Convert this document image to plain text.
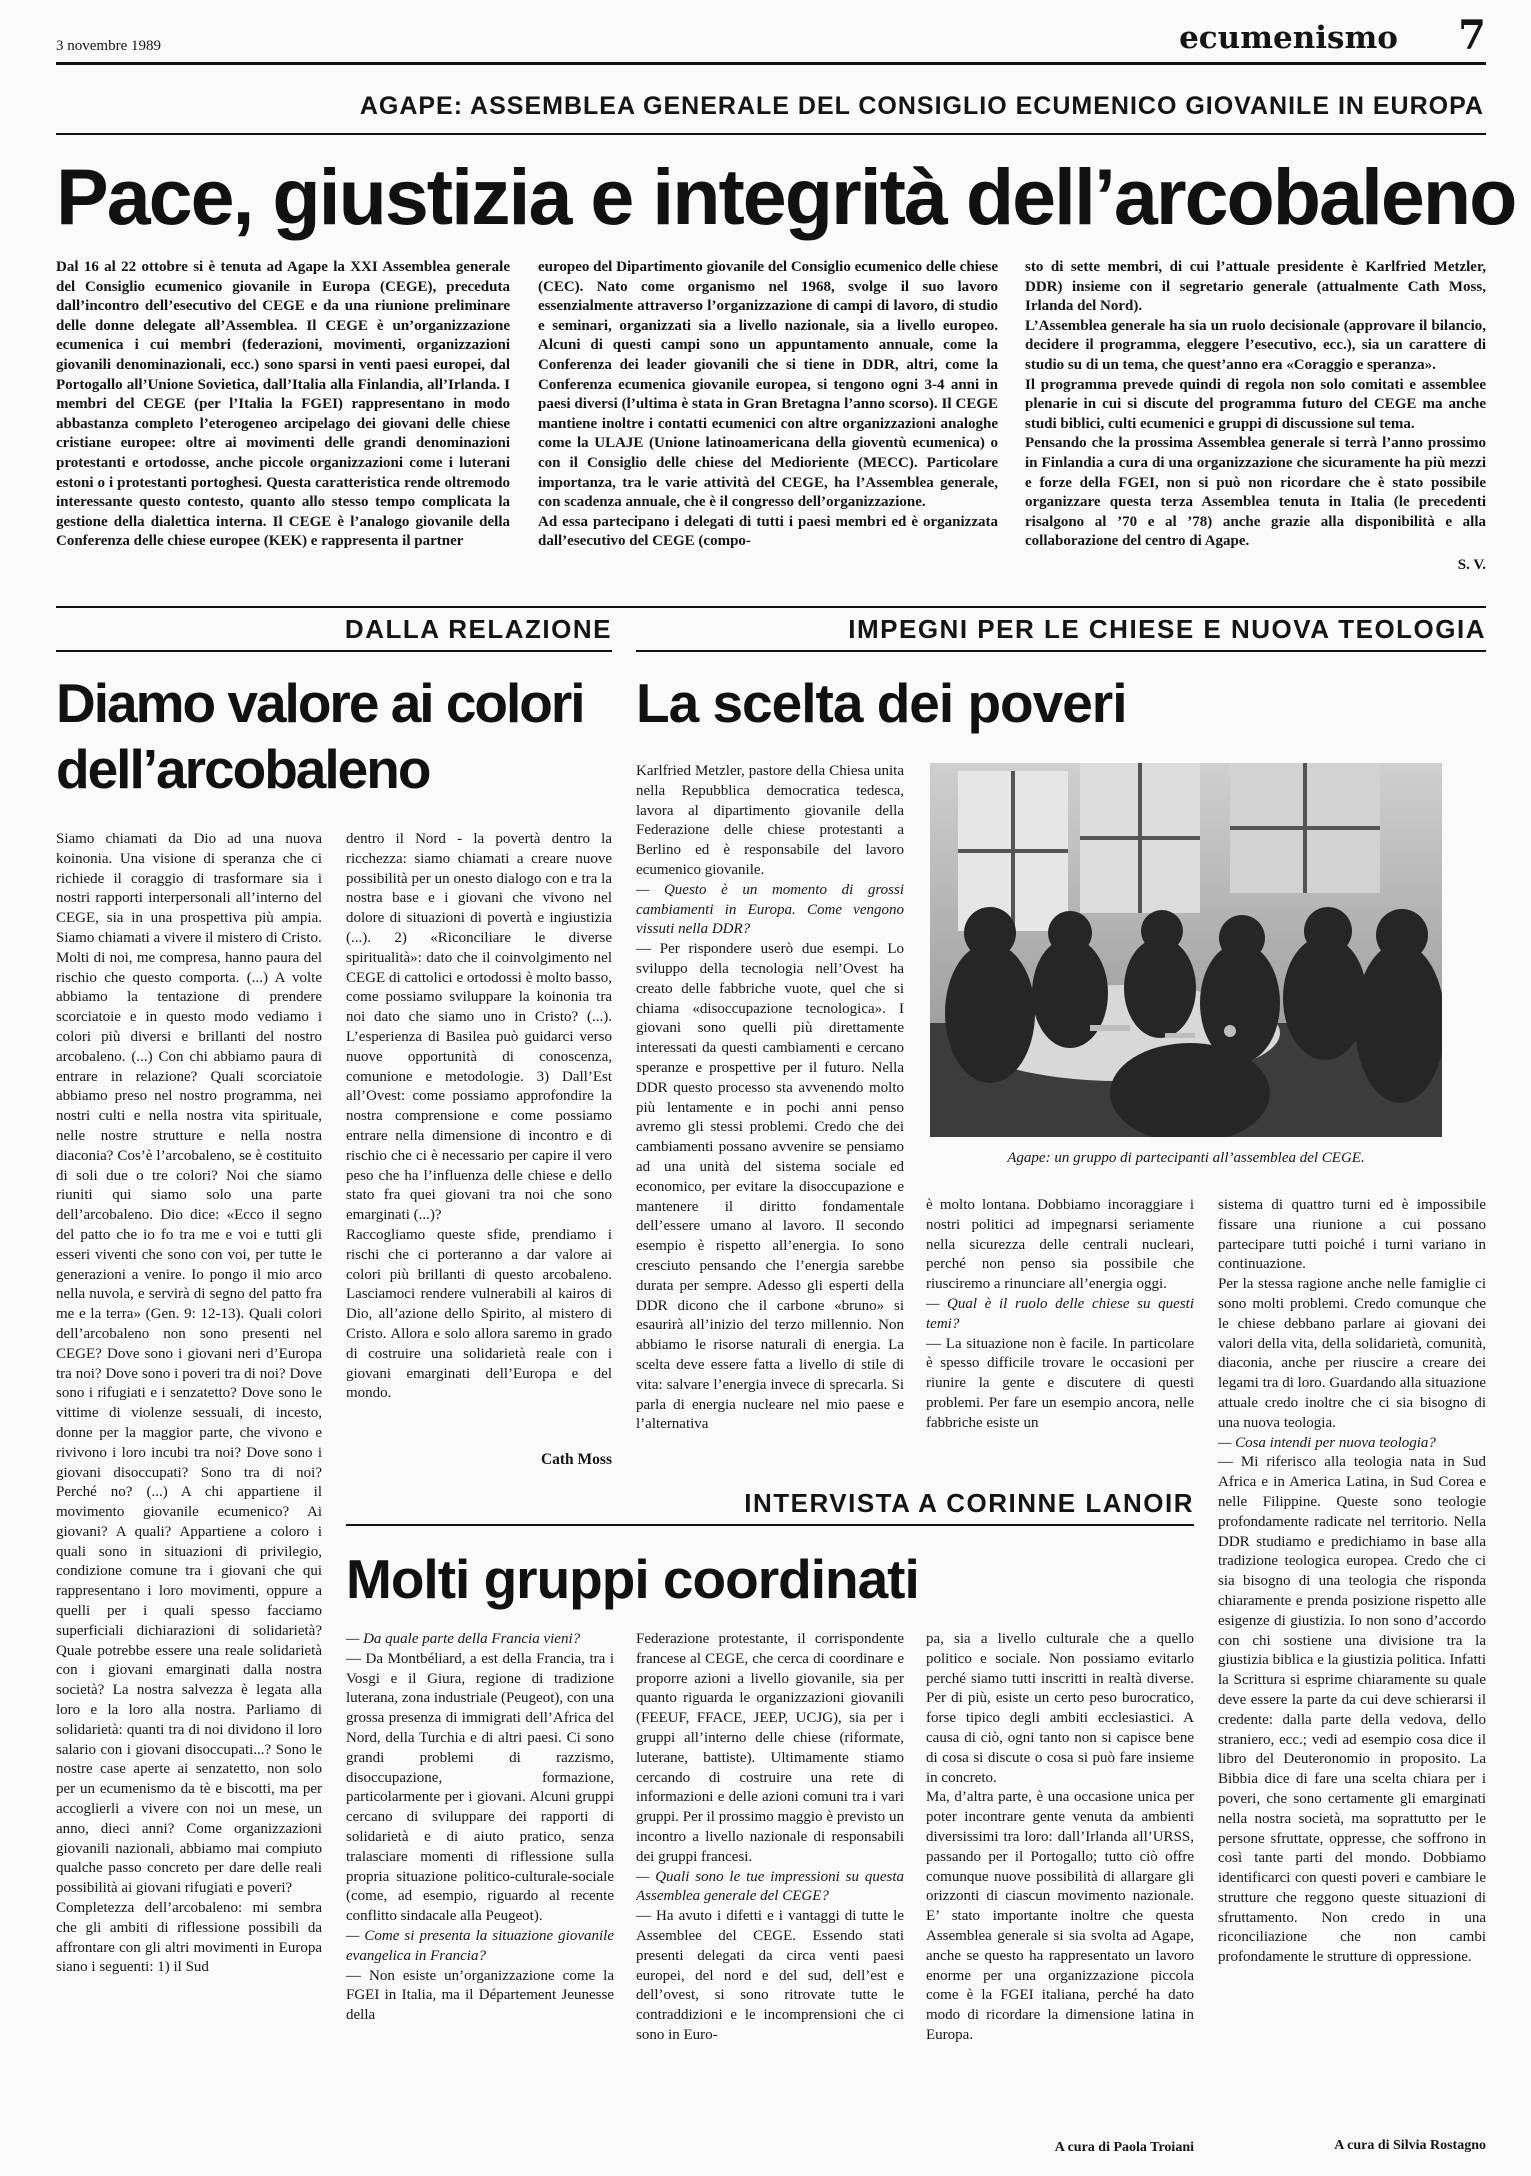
3 novembre 1989	ecumenismo 7
AGAPE: ASSEMBLEA GENERALE DEL CONSIGLIO ECUMENICO GIOVANILE IN EUROPA
Pace, giustizia e integrità dell’arcobaleno

Dal 16 al 22 ottobre si è tenuta ad Agape la XXI Assemblea generale del Consiglio ecumenico giovanile in Europa (CEGE), preceduta dall’incontro dell’esecutivo del CEGE e da una riunione preliminare delle donne delegate all’Assemblea. Il CEGE è un’organizzazione ecumenica i cui membri (federazioni, movimenti, organizzazioni giovanili denominazionali, ecc.) sono sparsi in venti paesi europei, dal Portogallo all’Unione Sovietica, dall’Italia alla Finlandia, all’Irlanda. I membri del CEGE (per l’Italia la FGEI) rappresentano in modo abbastanza completo l’eterogeneo arcipelago dei giovani delle chiese cristiane europee: oltre ai movimenti delle grandi denominazioni protestanti e ortodosse, anche piccole organizzazioni come i luterani estoni o i protestanti portoghesi. Questa caratteristica rende oltremodo interessante questo contesto, quanto allo stesso tempo complicata la gestione della dialettica interna. Il CEGE è l’analogo giovanile della Conferenza delle chiese europee (KEK) e rappresenta il partner

europeo del Dipartimento giovanile del Consiglio ecumenico delle chiese (CEC). Nato come organismo nel 1968, svolge il suo lavoro essenzialmente attraverso l’organizzazione di campi di lavoro, di studio e seminari, organizzati sia a livello nazionale, sia a livello europeo. Alcuni di questi campi sono un appuntamento annuale, come la Conferenza dei leader giovanili che si tiene in DDR, altri, come la Conferenza ecumenica giovanile europea, si tengono ogni 3-4 anni in paesi diversi (l’ultima è stata in Gran Bretagna l’anno scorso). Il CEGE mantiene inoltre i contatti ecumenici con altre organizzazioni analoghe come la ULAJE (Unione latinoamericana della gioventù ecumenica) o con il Consiglio delle chiese del Medioriente (MECC). Particolare importanza, tra le varie attività del CEGE, ha l’Assemblea generale, con scadenza annuale, che è il congresso dell’organizzazione.
Ad essa partecipano i delegati di tutti i paesi membri ed è organizzata dall’esecutivo del CEGE (compo-

sto di sette membri, di cui l’attuale presidente è Karlfried Metzler, DDR) insieme con il segretario generale (attualmente Cath Moss, Irlanda del Nord).
L’Assemblea generale ha sia un ruolo decisionale (approvare il bilancio, decidere il programma, eleggere l’esecutivo, ecc.), sia un carattere di studio su di un tema, che quest’anno era «Coraggio e speranza».
Il programma prevede quindi di regola non solo comitati e assemblee plenarie in cui si discute del programma futuro del CEGE ma anche studi biblici, culti ecumenici e gruppi di discussione sul tema.
Pensando che la prossima Assemblea generale si terrà l’anno prossimo in Finlandia a cura di una organizzazione che sicuramente ha più mezzi e forze della FGEI, non si può non ricordare che è stato possibile organizzare questa terza Assemblea tenuta in Italia (le precedenti risalgono al ’70 e al ’78) anche grazie alla disponibilità e alla collaborazione del centro di Agape.

S. V.
DALLA RELAZIONE
Diamo valore ai colori
dell’arcobaleno

Siamo chiamati da Dio ad una nuova koinonia. Una visione di speranza che ci richiede il coraggio di trasformare sia i nostri rapporti interpersonali all’interno del CEGE, sia in una prospettiva più ampia. Siamo chiamati a vivere il mistero di Cristo.
Molti di noi, me compresa, hanno paura del rischio che questo comporta. (...) A volte abbiamo la tentazione di prendere scorciatoie e in questo modo vediamo i colori più diversi e brillanti del nostro arcobaleno. (...) Con chi abbiamo paura di entrare in relazione? Quali scorciatoie abbiamo preso nel nostro programma, nei nostri culti e nella nostra vita spirituale, nelle nostre strutture e nella nostra diaconia? Cos’è l’arcobaleno, se è costituito di soli due o tre colori? Noi che siamo riuniti qui siamo solo una parte dell’arcobaleno. Dio dice: «Ecco il segno del patto che io fo tra me e voi e tutti gli esseri viventi che sono con voi, per tutte le generazioni a venire. Io pongo il mio arco nella nuvola, e servirà di segno del patto fra me e la terra» (Gen. 9: 12-13). Quali colori dell’arcobaleno non sono presenti nel CEGE? Dove sono i giovani neri d’Europa tra noi? Dove sono i poveri tra di noi? Dove sono i rifugiati e i senzatetto? Dove sono le vittime di violenze sessuali, di incesto, donne per la maggior parte, che vivono e rivivono i loro incubi tra noi? Dove sono i giovani disoccupati? Sono tra di noi? Perché no? (...) A chi appartiene il movimento giovanile ecumenico? Ai giovani? A quali? Appartiene a coloro i quali sono in situazioni di privilegio, condizione comune tra i giovani che qui rappresentano i loro movimenti, oppure a quelli per i quali spesso facciamo superficiali dichiarazioni di solidarietà? Quale potrebbe essere una reale solidarietà con i giovani emarginati dalla nostra società? La nostra salvezza è legata alla loro e la loro alla nostra. Parliamo di solidarietà: quanti tra di noi dividono il loro salario con i giovani disoccupati...? Sono le nostre case aperte ai senzatetto, non solo per un ecumenismo da tè e biscotti, ma per accoglierli a vivere con noi un mese, un anno, dieci anni? Come organizzazioni giovanili nazionali, abbiamo mai compiuto qualche passo concreto per dare delle reali possibilità ai giovani rifugiati e poveri?
Completezza dell’arcobaleno: mi sembra che gli ambiti di riflessione possibili da affrontare con gli altri movimenti in Europa siano i seguenti: 1) il Sud

dentro il Nord - la povertà dentro la ricchezza: siamo chiamati a creare nuove possibilità per un onesto dialogo con e tra la nostra base e i giovani che vivono nel dolore di situazioni di povertà e ingiustizia (...). 2) «Riconciliare le diverse spiritualità»: dato che il coinvolgimento nel CEGE di cattolici e ortodossi è molto basso, come possiamo sviluppare la koinonia tra noi dato che siamo uno in Cristo? (...). L’esperienza di Basilea può guidarci verso nuove opportunità di conoscenza, comunione e metodologie. 3) Dall’Est all’Ovest: come possiamo approfondire la nostra comprensione e come possiamo entrare nella dimensione di incontro e di rischio che ci è necessario per capire il vero peso che ha l’influenza delle chiese e dello stato fra quei giovani tra noi che sono emarginati (...)?
Raccogliamo queste sfide, prendiamo i rischi che ci porteranno a dar valore ai colori più brillanti di questo arcobaleno. Lasciamoci rendere vulnerabili al kairos di Dio, all’azione dello Spirito, al mistero di Cristo. Allora e solo allora saremo in grado di costruire una solidarietà reale con i giovani emarginati dell’Europa e del mondo.

Cath Moss
IMPEGNI PER LE CHIESE E NUOVA TEOLOGIA
La scelta dei poveri

Karlfried Metzler, pastore della Chiesa unita nella Repubblica democratica tedesca, lavora al dipartimento giovanile della Federazione delle chiese protestanti a Berlino ed è responsabile del lavoro ecumenico giovanile.

— Questo è un momento di grossi cambiamenti in Europa. Come vengono vissuti nella DDR?

— Per rispondere userò due esempi. Lo sviluppo della tecnologia nell’Ovest ha creato delle fabbriche vuote, quel che si chiama «disoccupazione tecnologica». I giovani sono quelli più direttamente interessati da questi cambiamenti e cercano speranze e prospettive per il futuro. Nella DDR questo processo sta avvenendo molto più lentamente e in pochi anni penso avremo gli stessi problemi. Credo che dei cambiamenti possano avvenire se pensiamo ad una unità del sistema sociale ed economico, per evitare la disoccupazione e mantenere il diritto fondamentale dell’essere umano al lavoro. Il secondo esempio è rispetto all’energia. Io sono cresciuto pensando che l’energia sarebbe durata per sempre. Adesso gli esperti della DDR dicono che il carbone «bruno» si esaurirà all’inizio del terzo millennio. Non abbiamo le risorse naturali di energia. La scelta deve essere fatta a livello di stile di vita: salvare l’energia invece di sprecarla. Si parla di energia nucleare nel mio paese e l’alternativa

Agape: un gruppo di partecipanti all’assemblea del CEGE.

è molto lontana. Dobbiamo incoraggiare i nostri politici ad impegnarsi seriamente nella sicurezza delle centrali nucleari, perché non penso sia possibile che riusciremo a rinunciare all’energia oggi.

— Qual è il ruolo delle chiese su questi temi?

— La situazione non è facile. In particolare è spesso difficile trovare le occasioni per riunire la gente e discutere di questi problemi. Per fare un esempio ancora, nelle fabbriche esiste un

sistema di quattro turni ed è impossibile fissare una riunione a cui possano partecipare tutti poiché i turni variano in continuazione.
Per la stessa ragione anche nelle famiglie ci sono molti problemi. Credo comunque che le chiese debbano parlare ai giovani dei valori della vita, della solidarietà, comunità, diaconia, anche per riuscire a creare dei legami tra di loro. Guardando alla situazione attuale credo inoltre che ci sia bisogno di una nuova teologia.

— Cosa intendi per nuova teologia?

— Mi riferisco alla teologia nata in Sud Africa e in America Latina, in Sud Corea e nelle Filippine. Queste sono teologie profondamente radicate nel territorio. Nella DDR studiamo e predichiamo in base alla tradizione teologica europea. Credo che ci sia bisogno di una teologia che risponda chiaramente e prenda posizione rispetto alle esigenze di giustizia. Io non sono d’accordo con chi sostiene una divisione tra la giustizia biblica e la giustizia politica. Infatti la Scrittura si esprime chiaramente su quale deve essere la parte da cui deve schierarsi il credente: dalla parte della vedova, dello straniero, ecc.; vedi ad esempio cosa dice il libro del Deuteronomio in proposito. La Bibbia dice di fare una scelta chiara per i poveri, che sono certamente gli emarginati nella nostra società, ma soprattutto per le persone sfruttate, oppresse, che soffrono in così tante parti del mondo. Dobbiamo identificarci con questi poveri e cambiare le strutture che reggono queste situazioni di sfruttamento. Non credo in una riconciliazione che non cambi profondamente le strutture di oppressione.

A cura di Silvia Rostagno
INTERVISTA A CORINNE LANOIR
Molti gruppi coordinati

— Da quale parte della Francia vieni?

— Da Montbéliard, a est della Francia, tra i Vosgi e il Giura, regione di tradizione luterana, zona industriale (Peugeot), con una grossa presenza di immigrati dell’Africa del Nord, della Turchia e di altri paesi. Ci sono grandi problemi di razzismo, disoccupazione, formazione, particolarmente per i giovani. Alcuni gruppi cercano di sviluppare dei rapporti di solidarietà e di aiuto pratico, senza tralasciare momenti di riflessione sulla propria situazione politico-culturale-sociale (come, ad esempio, riguardo al recente conflitto sindacale alla Peugeot).

— Come si presenta la situazione giovanile evangelica in Francia?

— Non esiste un’organizzazione come la FGEI in Italia, ma il Département Jeunesse della

Federazione protestante, il corrispondente francese al CEGE, che cerca di coordinare e proporre azioni a livello giovanile, sia per quanto riguarda le organizzazioni giovanili (FEEUF, FFACE, JEEP, UCJG), sia per i gruppi all’interno delle chiese (riformate, luterane, battiste). Ultimamente stiamo cercando di costruire una rete di informazioni e delle azioni comuni tra i vari gruppi. Per il prossimo maggio è previsto un incontro a livello nazionale di responsabili dei gruppi francesi.

— Quali sono le tue impressioni su questa Assemblea generale del CEGE?

— Ha avuto i difetti e i vantaggi di tutte le Assemblee del CEGE. Essendo stati presenti delegati da circa venti paesi europei, del nord e del sud, dell’est e dell’ovest, si sono ritrovate tutte le contraddizioni e le incomprensioni che ci sono in Euro-

pa, sia a livello culturale che a quello politico e sociale. Non possiamo evitarlo perché siamo tutti inscritti in realtà diverse. Per di più, esiste un certo peso burocratico, forse tipico degli ambiti ecclesiastici. A causa di ciò, ogni tanto non si capisce bene di cosa si discute o cosa si può fare insieme in concreto.
Ma, d’altra parte, è una occasione unica per poter incontrare gente venuta da ambienti diversissimi tra loro: dall’Irlanda all’URSS, passando per il Portogallo; tutto ciò offre comunque nuove possibilità di allargare gli orizzonti di ciascun movimento nazionale. E’ stato importante inoltre che questa Assemblea generale si sia svolta ad Agape, anche se questo ha rappresentato un lavoro enorme per una organizzazione piccola come è la FGEI italiana, perché ha dato modo di ricordare la dimensione latina in Europa.

A cura di Paola Troiani
